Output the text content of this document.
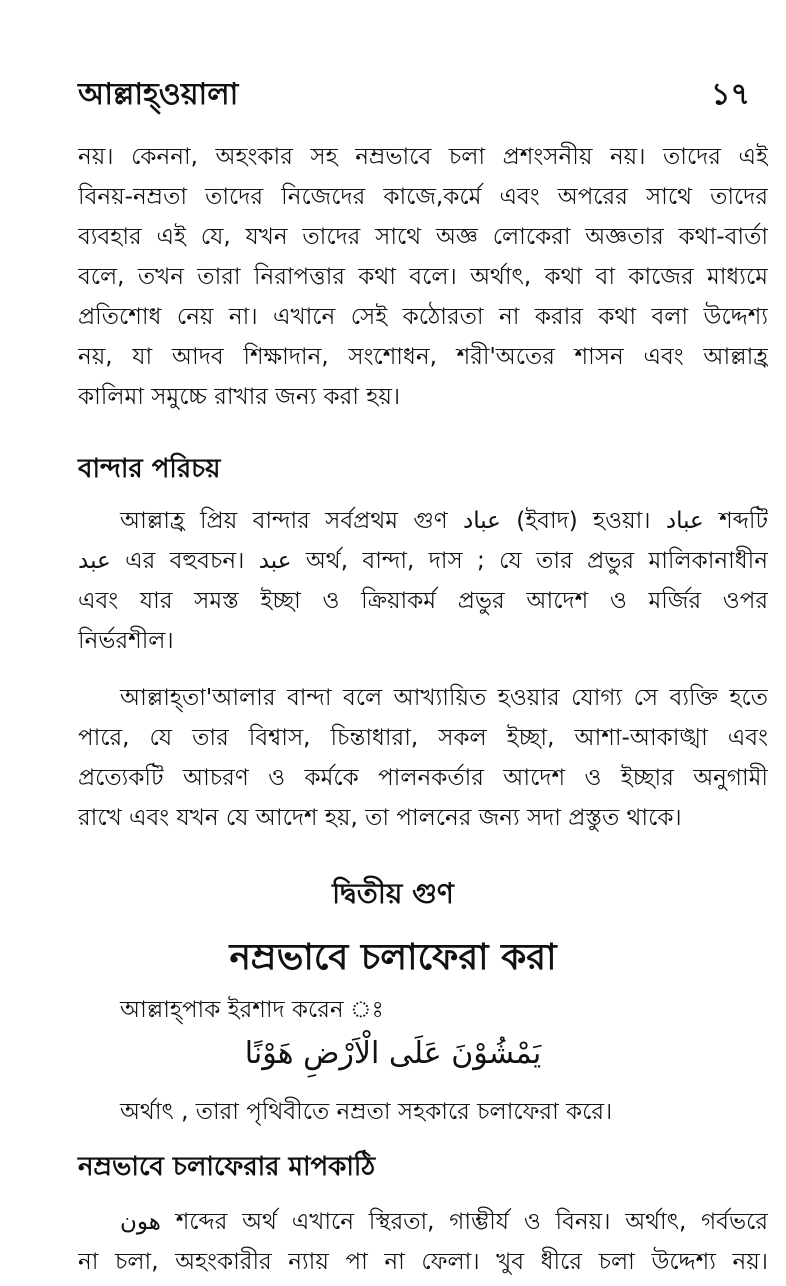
আল্লাহ্ওয়ালা	১৭
নয়। কেননা, অহংকার সহ নম্রভাবে চলা প্রশংসনীয় নয়। তাদের এই
বিনয়-নম্রতা তাদের নিজেদের কাজে,কর্মে এবং অপরের সাথে তাদের
ব্যবহার এই যে, যখন তাদের সাথে অজ্ঞ লোকেরা অজ্ঞতার কথা-বার্তা
বলে, তখন তারা নিরাপত্তার কথা বলে। অর্থাৎ, কথা বা কাজের মাধ্যমে
প্রতিশোধ নেয় না। এখানে সেই কঠোরতা না করার কথা বলা উদ্দেশ্য
নয়, যা আদব শিক্ষাদান, সংশোধন, শরী'অতের শাসন এবং আল্লাহ্র
কালিমা সমুচ্চে রাখার জন্য করা হয়।
বান্দার পরিচয়
আল্লাহ্র প্রিয় বান্দার সর্বপ্রথম গুণ عباد (ইবাদ) হওয়া। عباد শব্দটি
عبد এর বহুবচন। عبد অর্থ, বান্দা, দাস ; যে তার প্রভুর মালিকানাধীন
এবং যার সমস্ত ইচ্ছা ও ক্রিয়াকর্ম প্রভুর আদেশ ও মর্জির ওপর
নির্ভরশীল।
আল্লাহ্তা'আলার বান্দা বলে আখ্যায়িত হওয়ার যোগ্য সে ব্যক্তি হতে
পারে, যে তার বিশ্বাস, চিন্তাধারা, সকল ইচ্ছা, আশা-আকাঙ্খা এবং
প্রত্যেকটি আচরণ ও কর্মকে পালনকর্তার আদেশ ও ইচ্ছার অনুগামী
রাখে এবং যখন যে আদেশ হয়, তা পালনের জন্য সদা প্রস্তুত থাকে।
দ্বিতীয় গুণ
নম্রভাবে চলাফেরা করা
আল্লাহ্পাক ইরশাদ করেন ঃ
يَمْشُوْنَ عَلَى الْاَرْضِ هَوْنًا
অর্থাৎ , তারা পৃথিবীতে নম্রতা সহকারে চলাফেরা করে।
নম্রভাবে চলাফেরার মাপকাঠি
هون শব্দের অর্থ এখানে স্থিরতা, গাম্ভীর্য ও বিনয়। অর্থাৎ, গর্বভরে
না চলা, অহংকারীর ন্যায় পা না ফেলা। খুব ধীরে চলা উদ্দেশ্য নয়।
